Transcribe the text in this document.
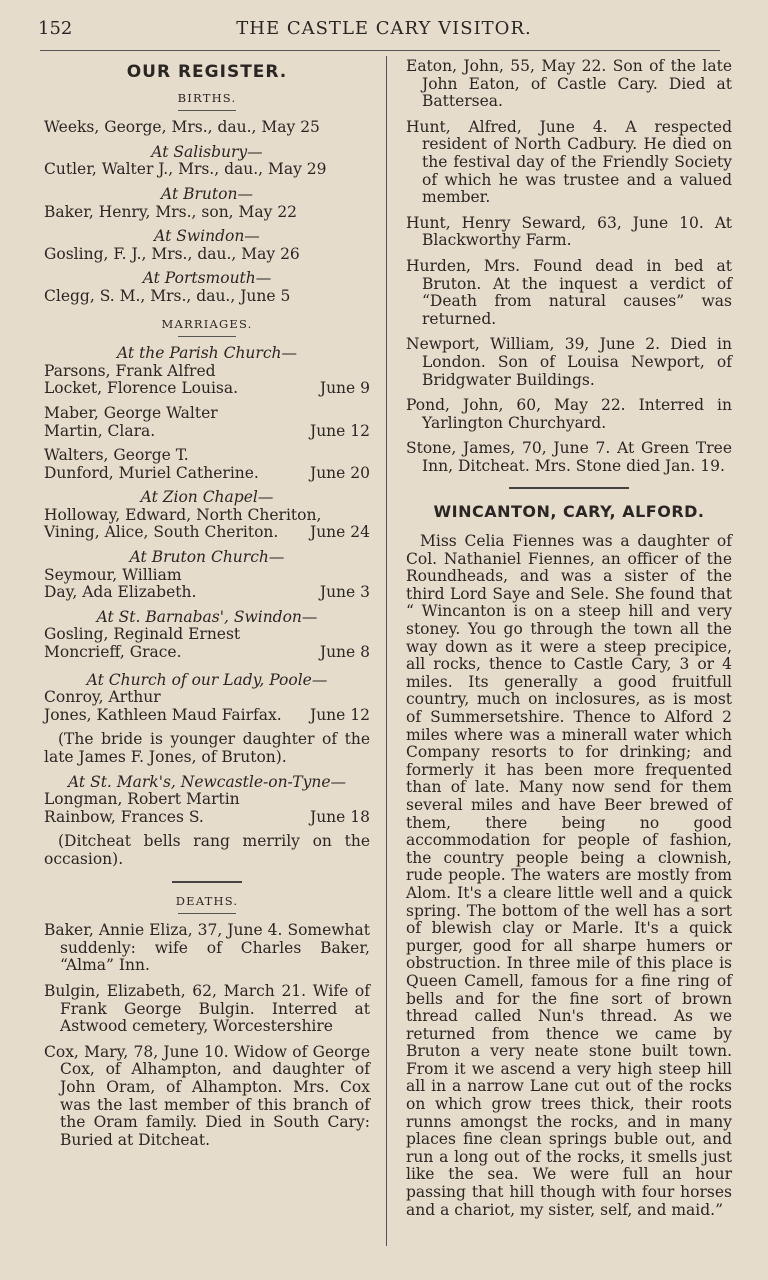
152	THE CASTLE CARY VISITOR.
OUR REGISTER.
BIRTHS.
Weeks, George, Mrs., dau., May 25
At Salisbury—
Cutler, Walter J., Mrs., dau., May 29
At Bruton—
Baker, Henry, Mrs., son, May 22
At Swindon—
Gosling, F. J., Mrs., dau., May 26
At Portsmouth—
Clegg, S. M., Mrs., dau., June 5
MARRIAGES.
At the Parish Church—
Parsons, Frank Alfred
Locket, Florence Louisa.	June 9
Maber, George Walter
Martin, Clara.	June 12
Walters, George T.
Dunford, Muriel Catherine.	June 20
At Zion Chapel—
Holloway, Edward, North Cheriton,
Vining, Alice, South Cheriton. June 24
At Bruton Church—
Seymour, William
Day, Ada Elizabeth.	June 3
At St. Barnabas', Swindon—
Gosling, Reginald Ernest
Moncrieff, Grace.	June 8
At Church of our Lady, Poole—
Conroy, Arthur
Jones, Kathleen Maud Fairfax. June 12
(The bride is younger daughter of the late James F. Jones, of Bruton).
At St. Mark's, Newcastle-on-Tyne—
Longman, Robert Martin
Rainbow, Frances S.	June 18
(Ditcheat bells rang merrily on the occasion).
DEATHS.
Baker, Annie Eliza, 37, June 4. Somewhat suddenly: wife of Charles Baker, “Alma” Inn.
Bulgin, Elizabeth, 62, March 21. Wife of Frank George Bulgin. Interred at Astwood cemetery, Worcestershire
Cox, Mary, 78, June 10. Widow of George Cox, of Alhampton, and daughter of John Oram, of Alhampton. Mrs. Cox was the last member of this branch of the Oram family. Died in South Cary: Buried at Ditcheat.
Eaton, John, 55, May 22. Son of the late John Eaton, of Castle Cary. Died at Battersea.
Hunt, Alfred, June 4. A respected resident of North Cadbury. He died on the festival day of the Friendly Society of which he was trustee and a valued member.
Hunt, Henry Seward, 63, June 10. At Blackworthy Farm.
Hurden, Mrs. Found dead in bed at Bruton. At the inquest a verdict of “Death from natural causes” was returned.
Newport, William, 39, June 2. Died in London. Son of Louisa Newport, of Bridgwater Buildings.
Pond, John, 60, May 22. Interred in Yarlington Churchyard.
Stone, James, 70, June 7. At Green Tree Inn, Ditcheat. Mrs. Stone died Jan. 19.
WINCANTON, CARY, ALFORD.
Miss Celia Fiennes was a daughter of Col. Nathaniel Fiennes, an officer of the Roundheads, and was a sister of the third Lord Saye and Sele. She found that “ Wincanton is on a steep hill and very stoney. You go through the town all the way down as it were a steep precipice, all rocks, thence to Castle Cary, 3 or 4 miles. Its generally a good fruitfull country, much on inclosures, as is most of Summersetshire. Thence to Alford 2 miles where was a minerall water which Company resorts to for drinking; and formerly it has been more frequented than of late. Many now send for them several miles and have Beer brewed of them, there being no good accommodation for people of fashion, the country people being a clownish, rude people. The waters are mostly from Alom. It's a cleare little well and a quick spring. The bottom of the well has a sort of blewish clay or Marle. It's a quick purger, good for all sharpe humers or obstruction. In three mile of this place is Queen Camell, famous for a fine ring of bells and for the fine sort of brown thread called Nun's thread. As we returned from thence we came by Bruton a very neate stone built town. From it we ascend a very high steep hill all in a narrow Lane cut out of the rocks on which grow trees thick, their roots runns amongst the rocks, and in many places fine clean springs buble out, and run a long out of the rocks, it smells just like the sea. We were full an hour passing that hill though with four horses and a chariot, my sister, self, and maid.”
